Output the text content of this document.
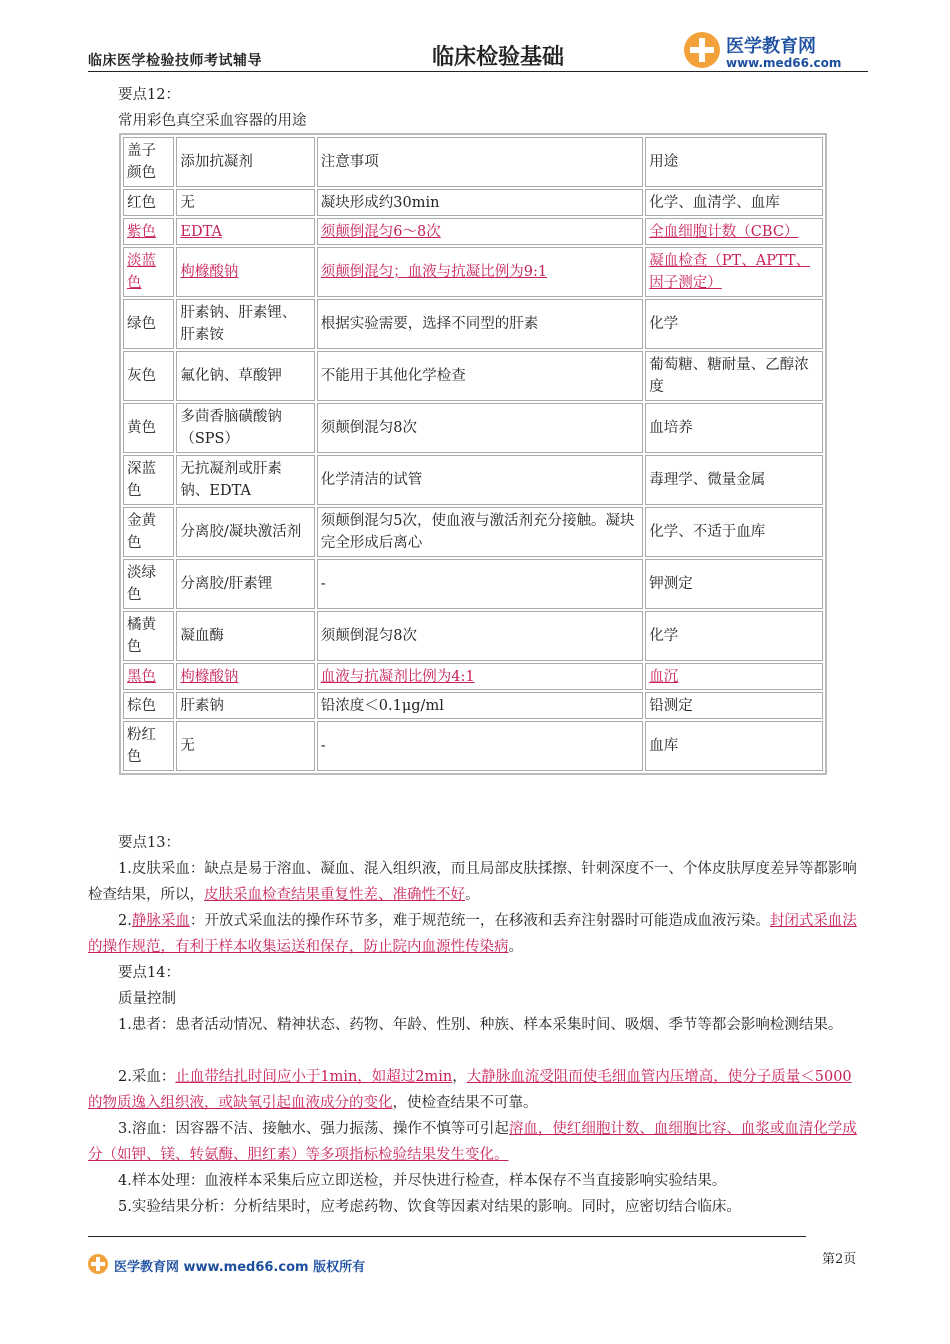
临床医学检验技师考试辅导	临床检验基础	医学教育网
www.med66.com
要点12：
常用彩色真空采血容器的用途
盖子颜色	添加抗凝剂	注意事项	用途
红色	无	凝块形成约30min	化学、血清学、血库
紫色	EDTA	须颠倒混匀6～8次	全血细胞计数（CBC）
淡蓝色	枸橼酸钠	须颠倒混匀；血液与抗凝比例为9:1	凝血检查（PT、APTT、因子测定）
绿色	肝素钠、肝素锂、肝素铵	根据实验需要，选择不同型的肝素	化学
灰色	氟化钠、草酸钾	不能用于其他化学检查	葡萄糖、糖耐量、乙醇浓度
黄色	多茴香脑磺酸钠（SPS）	须颠倒混匀8次	血培养
深蓝色	无抗凝剂或肝素钠、EDTA	化学清洁的试管	毒理学、微量金属
金黄色	分离胶/凝块激活剂	须颠倒混匀5次，使血液与激活剂充分接触。凝块完全形成后离心	化学、不适于血库
淡绿色	分离胶/肝素锂	-	钾测定
橘黄色	凝血酶	须颠倒混匀8次	化学
黑色	枸橼酸钠	血液与抗凝剂比例为4:1	血沉
棕色	肝素钠	铅浓度＜0.1μg/ml	铅测定
粉红色	无	-	血库
要点13：
1.皮肤采血：缺点是易于溶血、凝血、混入组织液，而且局部皮肤揉擦、针刺深度不一、个体皮肤厚度差异等都影响检查结果，所以，皮肤采血检查结果重复性差、准确性不好。
2.静脉采血：开放式采血法的操作环节多，难于规范统一，在移液和丢弃注射器时可能造成血液污染。封闭式采血法的操作规范，有利于样本收集运送和保存，防止院内血源性传染病。
要点14：
质量控制
1.患者：患者活动情况、精神状态、药物、年龄、性别、种族、样本采集时间、吸烟、季节等都会影响检测结果。
2.采血：止血带结扎时间应小于1min，如超过2min，大静脉血流受阻而使毛细血管内压增高，使分子质量＜5000的物质逸入组织液，或缺氧引起血液成分的变化，使检查结果不可靠。
3.溶血：因容器不洁、接触水、强力振荡、操作不慎等可引起溶血，使红细胞计数、血细胞比容、血浆或血清化学成分（如钾、镁、转氨酶、胆红素）等多项指标检验结果发生变化。
4.样本处理：血液样本采集后应立即送检，并尽快进行检查，样本保存不当直接影响实验结果。
5.实验结果分析：分析结果时，应考虑药物、饮食等因素对结果的影响。同时，应密切结合临床。
医学教育网 www.med66.com 版权所有
第2页
